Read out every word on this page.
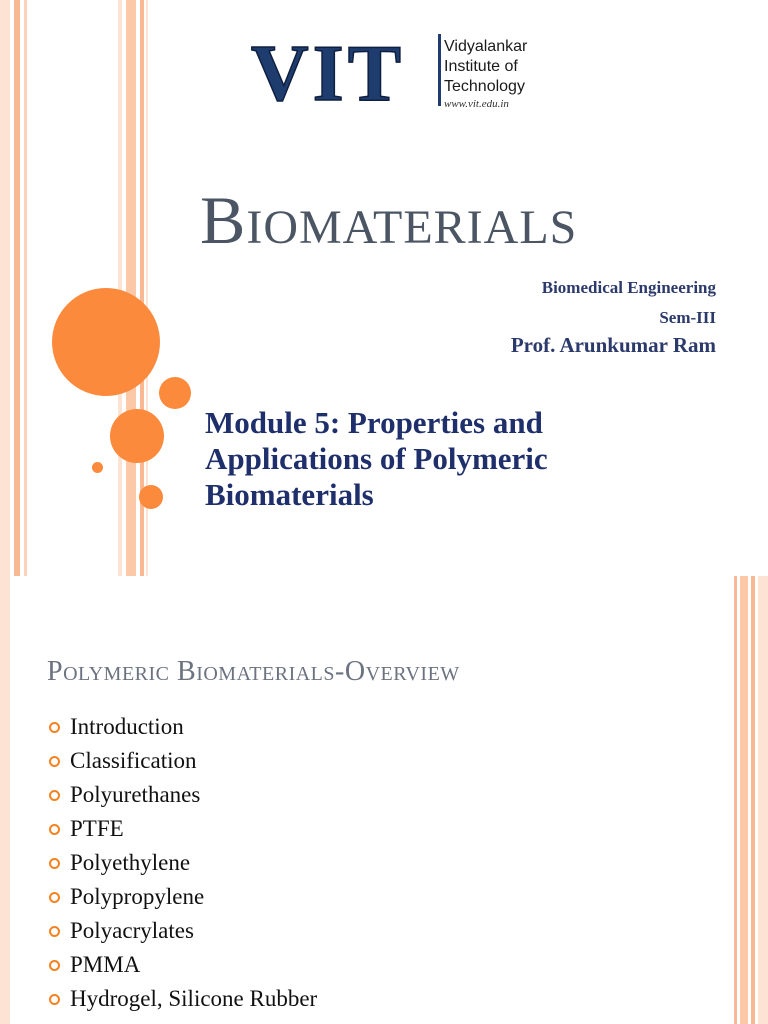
VIT Vidyalankar
Institute of
Technology
www.vit.edu.in
Biomaterials
Biomedical Engineering
Sem-III
Prof. Arunkumar Ram
Module 5: Properties and
Applications of Polymeric
Biomaterials
Polymeric Biomaterials-Overview
Introduction
Classification
Polyurethanes
PTFE
Polyethylene
Polypropylene
Polyacrylates
PMMA
Hydrogel, Silicone Rubber
